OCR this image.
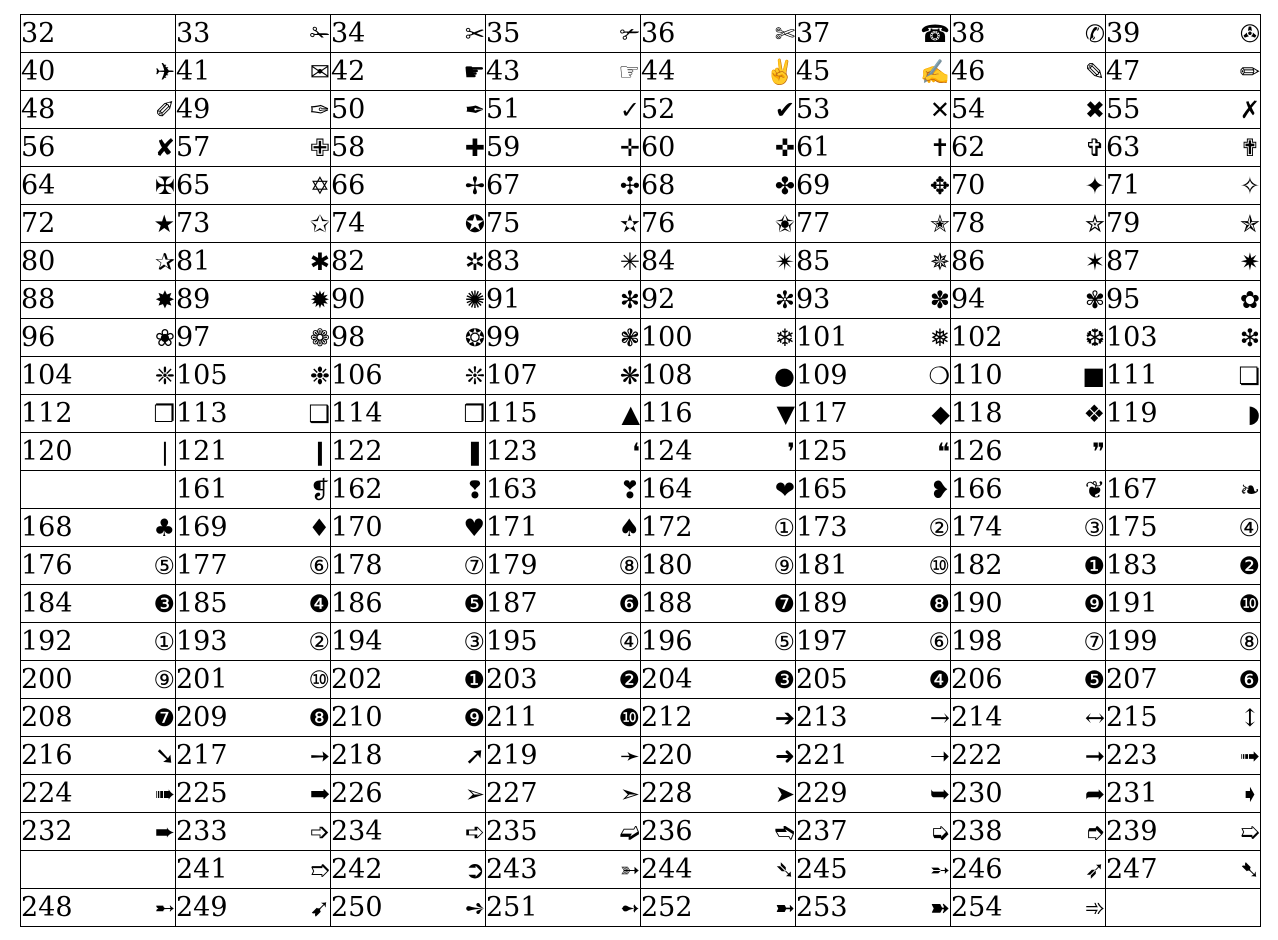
32		33	✁	34	✂	35	✃	36	✄	37	☎	38	✆	39	✇
40	✈	41	✉	42	☛	43	☞	44	✌	45	✍	46	✎	47	✏
48	✐	49	✑	50	✒	51	✓	52	✔	53	✕	54	✖	55	✗
56	✘	57	✙	58	✚	59	✛	60	✜	61	✝	62	✞	63	✟
64	✠	65	✡	66	✢	67	✣	68	✤	69	✥	70	✦	71	✧
72	★	73	✩	74	✪	75	✫	76	✬	77	✭	78	✮	79	✯
80	✰	81	✱	82	✲	83	✳	84	✴	85	✵	86	✶	87	✷
88	✸	89	✹	90	✺	91	✻	92	✼	93	✽	94	✾	95	✿
96	❀	97	❁	98	❂	99	❃	100	❄	101	❅	102	❆	103	❇
104	❈	105	❉	106	❊	107	❋	108	●	109	❍	110	■	111	❏
112	❐	113	❑	114	❒	115	▲	116	▼	117	◆	118	❖	119	◗
120	❘	121	❙	122	❚	123	❛	124	❜	125	❝	126	❞		
		161	❡	162	❢	163	❣	164	❤	165	❥	166	❦	167	❧
168	♣	169	♦	170	♥	171	♠	172	①	173	②	174	③	175	④
176	⑤	177	⑥	178	⑦	179	⑧	180	⑨	181	⑩	182	❶	183	❷
184	❸	185	❹	186	❺	187	❻	188	❼	189	❽	190	❾	191	❿
192	①	193	②	194	③	195	④	196	⑤	197	⑥	198	⑦	199	⑧
200	⑨	201	⑩	202	❶	203	❷	204	❸	205	❹	206	❺	207	❻
208	❼	209	❽	210	❾	211	❿	212	➔	213	→	214	↔	215	↕
216	➘	217	➙	218	➚	219	➛	220	➜	221	➝	222	➞	223	➟
224	➠	225	➡	226	➢	227	➣	228	➤	229	➥	230	➦	231	➧
232	➨	233	➩	234	➪	235	➫	236	➬	237	➭	238	➮	239	➯
		241	➱	242	➲	243	➳	244	➴	245	➵	246	➶	247	➷
248	➸	249	➹	250	➺	251	➻	252	➼	253	➽	254	➾		
